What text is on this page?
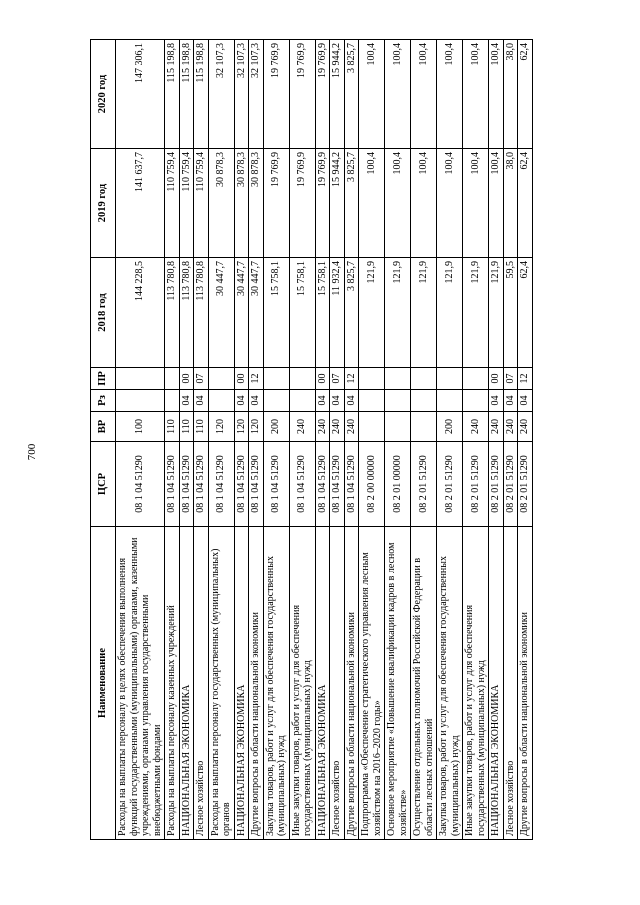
700
Наименование	ЦСР	ВР	Рз	ПР	2018 год	2019 год	2020 год
Расходы на выплаты персоналу в целях обеспечения выполнения функций государственными (муниципальными) органами, казенными учреждениями, органами управления государственными внебюджетными фондами	08 1 04 51290	100			144 228,5	141 637,7	147 306,1
Расходы на выплаты персоналу казенных учреждений	08 1 04 51290	110			113 780,8	110 759,4	115 198,8
НАЦИОНАЛЬНАЯ ЭКОНОМИКА	08 1 04 51290	110	04	00	113 780,8	110 759,4	115 198,8
Лесное хозяйство	08 1 04 51290	110	04	07	113 780,8	110 759,4	115 198,8
Расходы на выплаты персоналу государственных (муниципальных) органов	08 1 04 51290	120			30 447,7	30 878,3	32 107,3
НАЦИОНАЛЬНАЯ ЭКОНОМИКА	08 1 04 51290	120	04	00	30 447,7	30 878,3	32 107,3
Другие вопросы в области национальной экономики	08 1 04 51290	120	04	12	30 447,7	30 878,3	32 107,3
Закупка товаров, работ и услуг для обеспечения государственных (муниципальных) нужд	08 1 04 51290	200			15 758,1	19 769,9	19 769,9
Иные закупки товаров, работ и услуг для обеспечения государственных (муниципальных) нужд	08 1 04 51290	240			15 758,1	19 769,9	19 769,9
НАЦИОНАЛЬНАЯ ЭКОНОМИКА	08 1 04 51290	240	04	00	15 758,1	19 769,9	19 769,9
Лесное хозяйство	08 1 04 51290	240	04	07	11 932,4	15 944,2	15 944,2
Другие вопросы в области национальной экономики	08 1 04 51290	240	04	12	3 825,7	3 825,7	3 825,7
Подпрограмма «Обеспечение стратегического управления лесным хозяйством на 2016–2020 годы»	08 2 00 00000				121,9	100,4	100,4
Основное мероприятие «Повышение квалификации кадров в лесном хозяйстве»	08 2 01 00000				121,9	100,4	100,4
Осуществление отдельных полномочий Российской Федерации в области лесных отношений	08 2 01 51290				121,9	100,4	100,4
Закупка товаров, работ и услуг для обеспечения государственных (муниципальных) нужд	08 2 01 51290	200			121,9	100,4	100,4
Иные закупки товаров, работ и услуг для обеспечения государственных (муниципальных) нужд	08 2 01 51290	240			121,9	100,4	100,4
НАЦИОНАЛЬНАЯ ЭКОНОМИКА	08 2 01 51290	240	04	00	121,9	100,4	100,4
Лесное хозяйство	08 2 01 51290	240	04	07	59,5	38,0	38,0
Другие вопросы в области национальной экономики	08 2 01 51290	240	04	12	62,4	62,4	62,4
